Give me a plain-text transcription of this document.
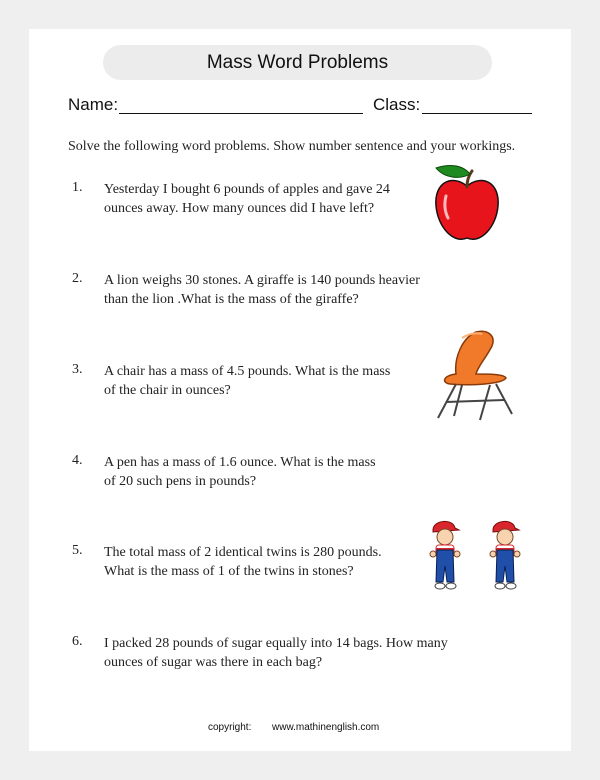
Mass Word Problems
Name:	Class:
Solve the following word problems. Show number sentence and your workings.
1. Yesterday I bought 6 pounds of apples and gave 24
ounces away. How many ounces did I have left?
2. A lion weighs 30 stones. A giraffe is 140 pounds heavier
than the lion .What is the mass of the giraffe?
3. A chair has a mass of 4.5 pounds. What is the mass
of the chair in ounces?
4. A pen has a mass of 1.6 ounce. What is the mass
of 20 such pens in pounds?
5. The total mass of 2 identical twins is 280 pounds.
What is the mass of 1 of the twins in stones?
6. I packed 28 pounds of sugar equally into 14 bags. How many
ounces of sugar was there in each bag?
copyright: www.mathinenglish.com
